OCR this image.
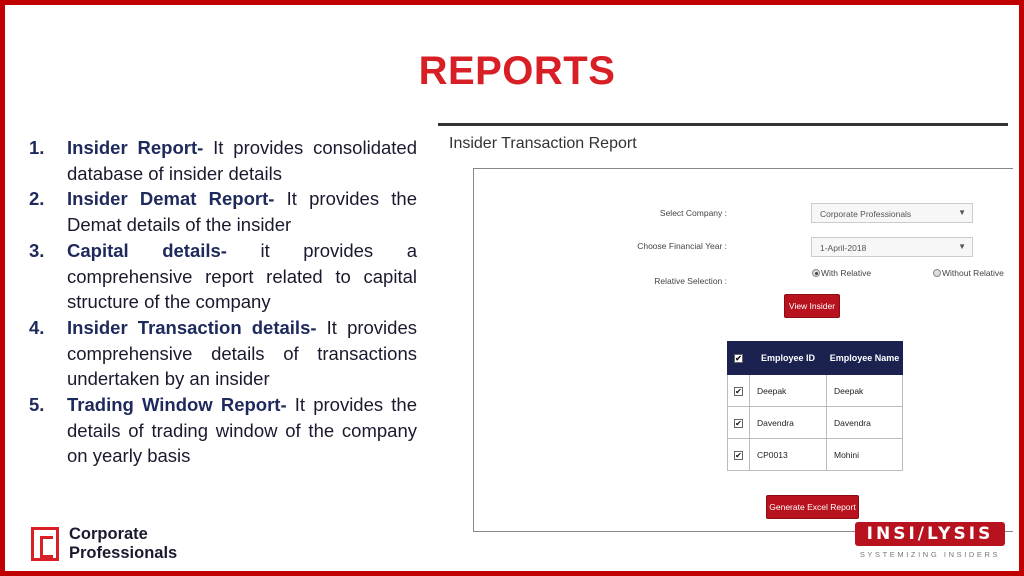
REPORTS
1.	Insider Report- It provides consolidated database of insider details
2.	Insider Demat Report- It provides the Demat details of the insider
3.	Capital details- it provides a comprehensive report related to capital structure of the company
4.	Insider Transaction details- It provides comprehensive details of transactions undertaken by an insider
5.	Trading Window Report- It provides the details of trading window of the company on yearly basis
Corporate
Professionals
Insider Transaction Report
Select Company :	Corporate Professionals	▼
Choose Financial Year :	1-April-2018	▼
Relative Selection :
With Relative	Without Relative
View Insider
✔	Employee ID	Employee Name
✔	Deepak	Deepak
✔	Davendra	Davendra
✔	CP0013	Mohini
Generate Excel Report
INSI/LYSIS
SYSTEMIZING INSIDERS
